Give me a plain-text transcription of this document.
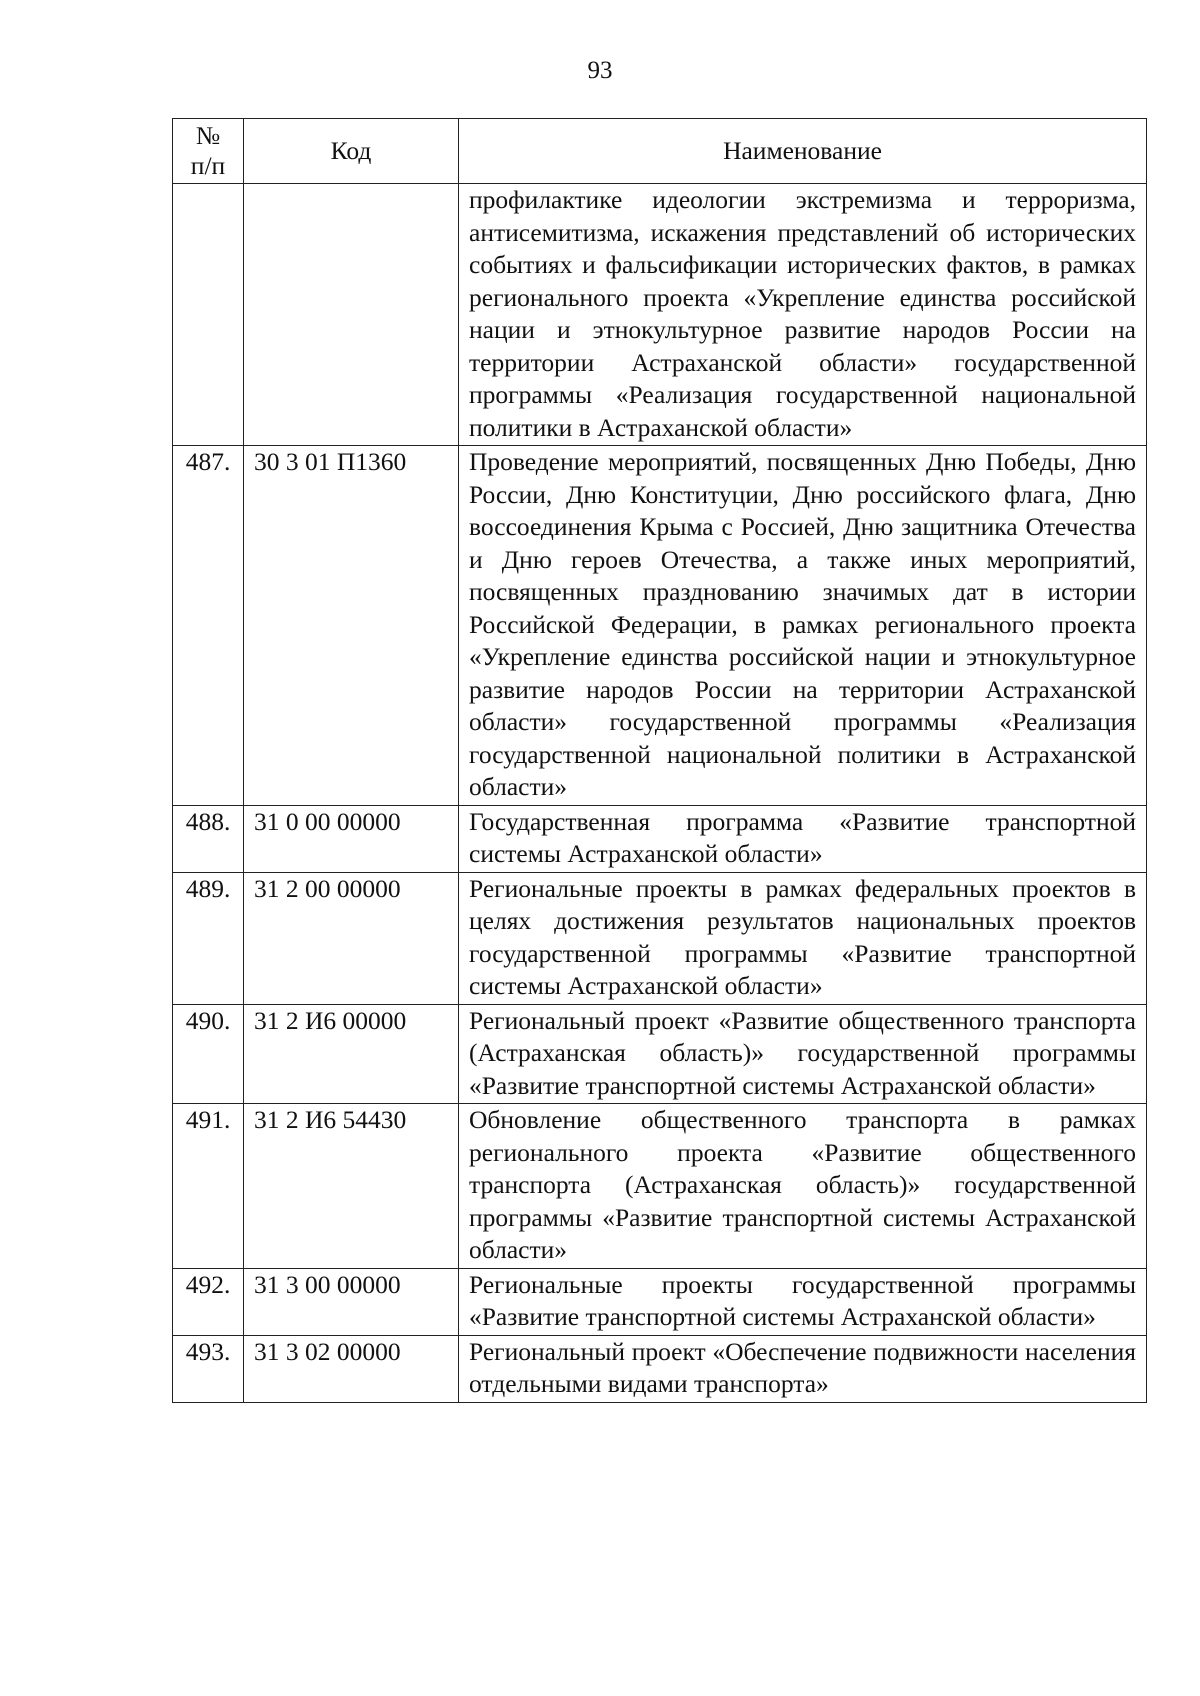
93
№
п/п	Код	Наименование
		профилактике идеологии экстремизма и терроризма, антисемитизма, искажения представлений об исторических событиях и фальсификации исторических фактов, в рамках регионального проекта «Укрепление единства российской нации и этнокультурное развитие народов России на территории Астраханской области» государственной программы «Реализация государственной национальной политики в Астраханской области»
487.	30 3 01 П1360	Проведение мероприятий, посвященных Дню Победы, Дню России, Дню Конституции, Дню российского флага, Дню воссоединения Крыма с Россией, Дню защитника Отечества и Дню героев Отечества, а также иных мероприятий, посвященных празднованию значимых дат в истории Российской Федерации, в рамках регионального проекта «Укрепление единства российской нации и этнокультурное развитие народов России на территории Астраханской области» государственной программы «Реализация государственной национальной политики в Астраханской области»
488.	31 0 00 00000	Государственная программа «Развитие транспортной системы Астраханской области»
489.	31 2 00 00000	Региональные проекты в рамках федеральных проектов в целях достижения результатов национальных проектов государственной программы «Развитие транспортной системы Астраханской области»
490.	31 2 И6 00000	Региональный проект «Развитие общественного транспорта (Астраханская область)» государственной программы «Развитие транспортной системы Астраханской области»
491.	31 2 И6 54430	Обновление общественного транспорта в рамках регионального проекта «Развитие общественного транспорта (Астраханская область)» государственной программы «Развитие транспортной системы Астраханской области»
492.	31 3 00 00000	Региональные проекты государственной программы «Развитие транспортной системы Астраханской области»
493.	31 3 02 00000	Региональный проект «Обеспечение подвижности населения отдельными видами транспорта»
